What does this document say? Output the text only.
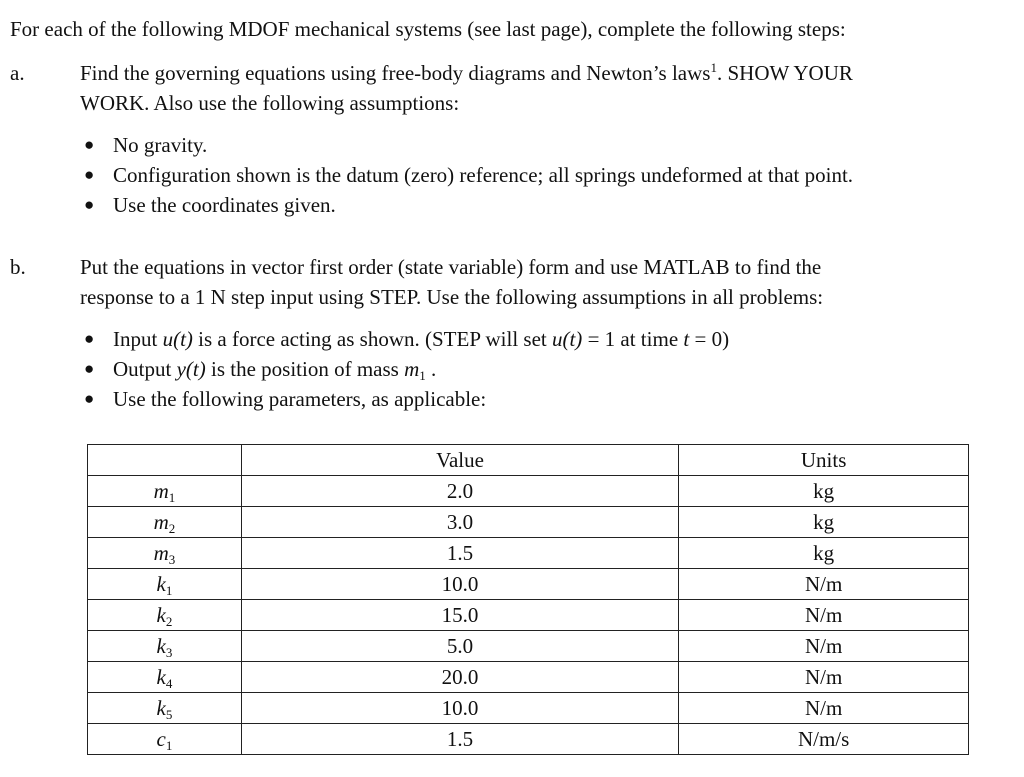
For each of the following MDOF mechanical systems (see last page), complete the following steps:
a.	Find the governing equations using free-body diagrams and Newton’s laws$^1$. SHOW YOUR
WORK. Also use the following assumptions:
● No gravity.
● Configuration shown is the datum (zero) reference; all springs undeformed at that point.
● Use the coordinates given.
b.	Put the equations in vector first order (state variable) form and use MATLAB to find the
response to a 1 N step input using STEP. Use the following assumptions in all problems:
● Input u(t) is a force acting as shown. (STEP will set u(t) = 1 at time t = 0)
● Output y(t) is the position of mass $m_1$ .
● Use the following parameters, as applicable:
	Value	Units
$m_1$	2.0	kg
$m_2$	3.0	kg
$m_3$	1.5	kg
$k_1$	10.0	N/m
$k_2$	15.0	N/m
$k_3$	5.0	N/m
$k_4$	20.0	N/m
$k_5$	10.0	N/m
$c_1$	1.5	N/m/s
